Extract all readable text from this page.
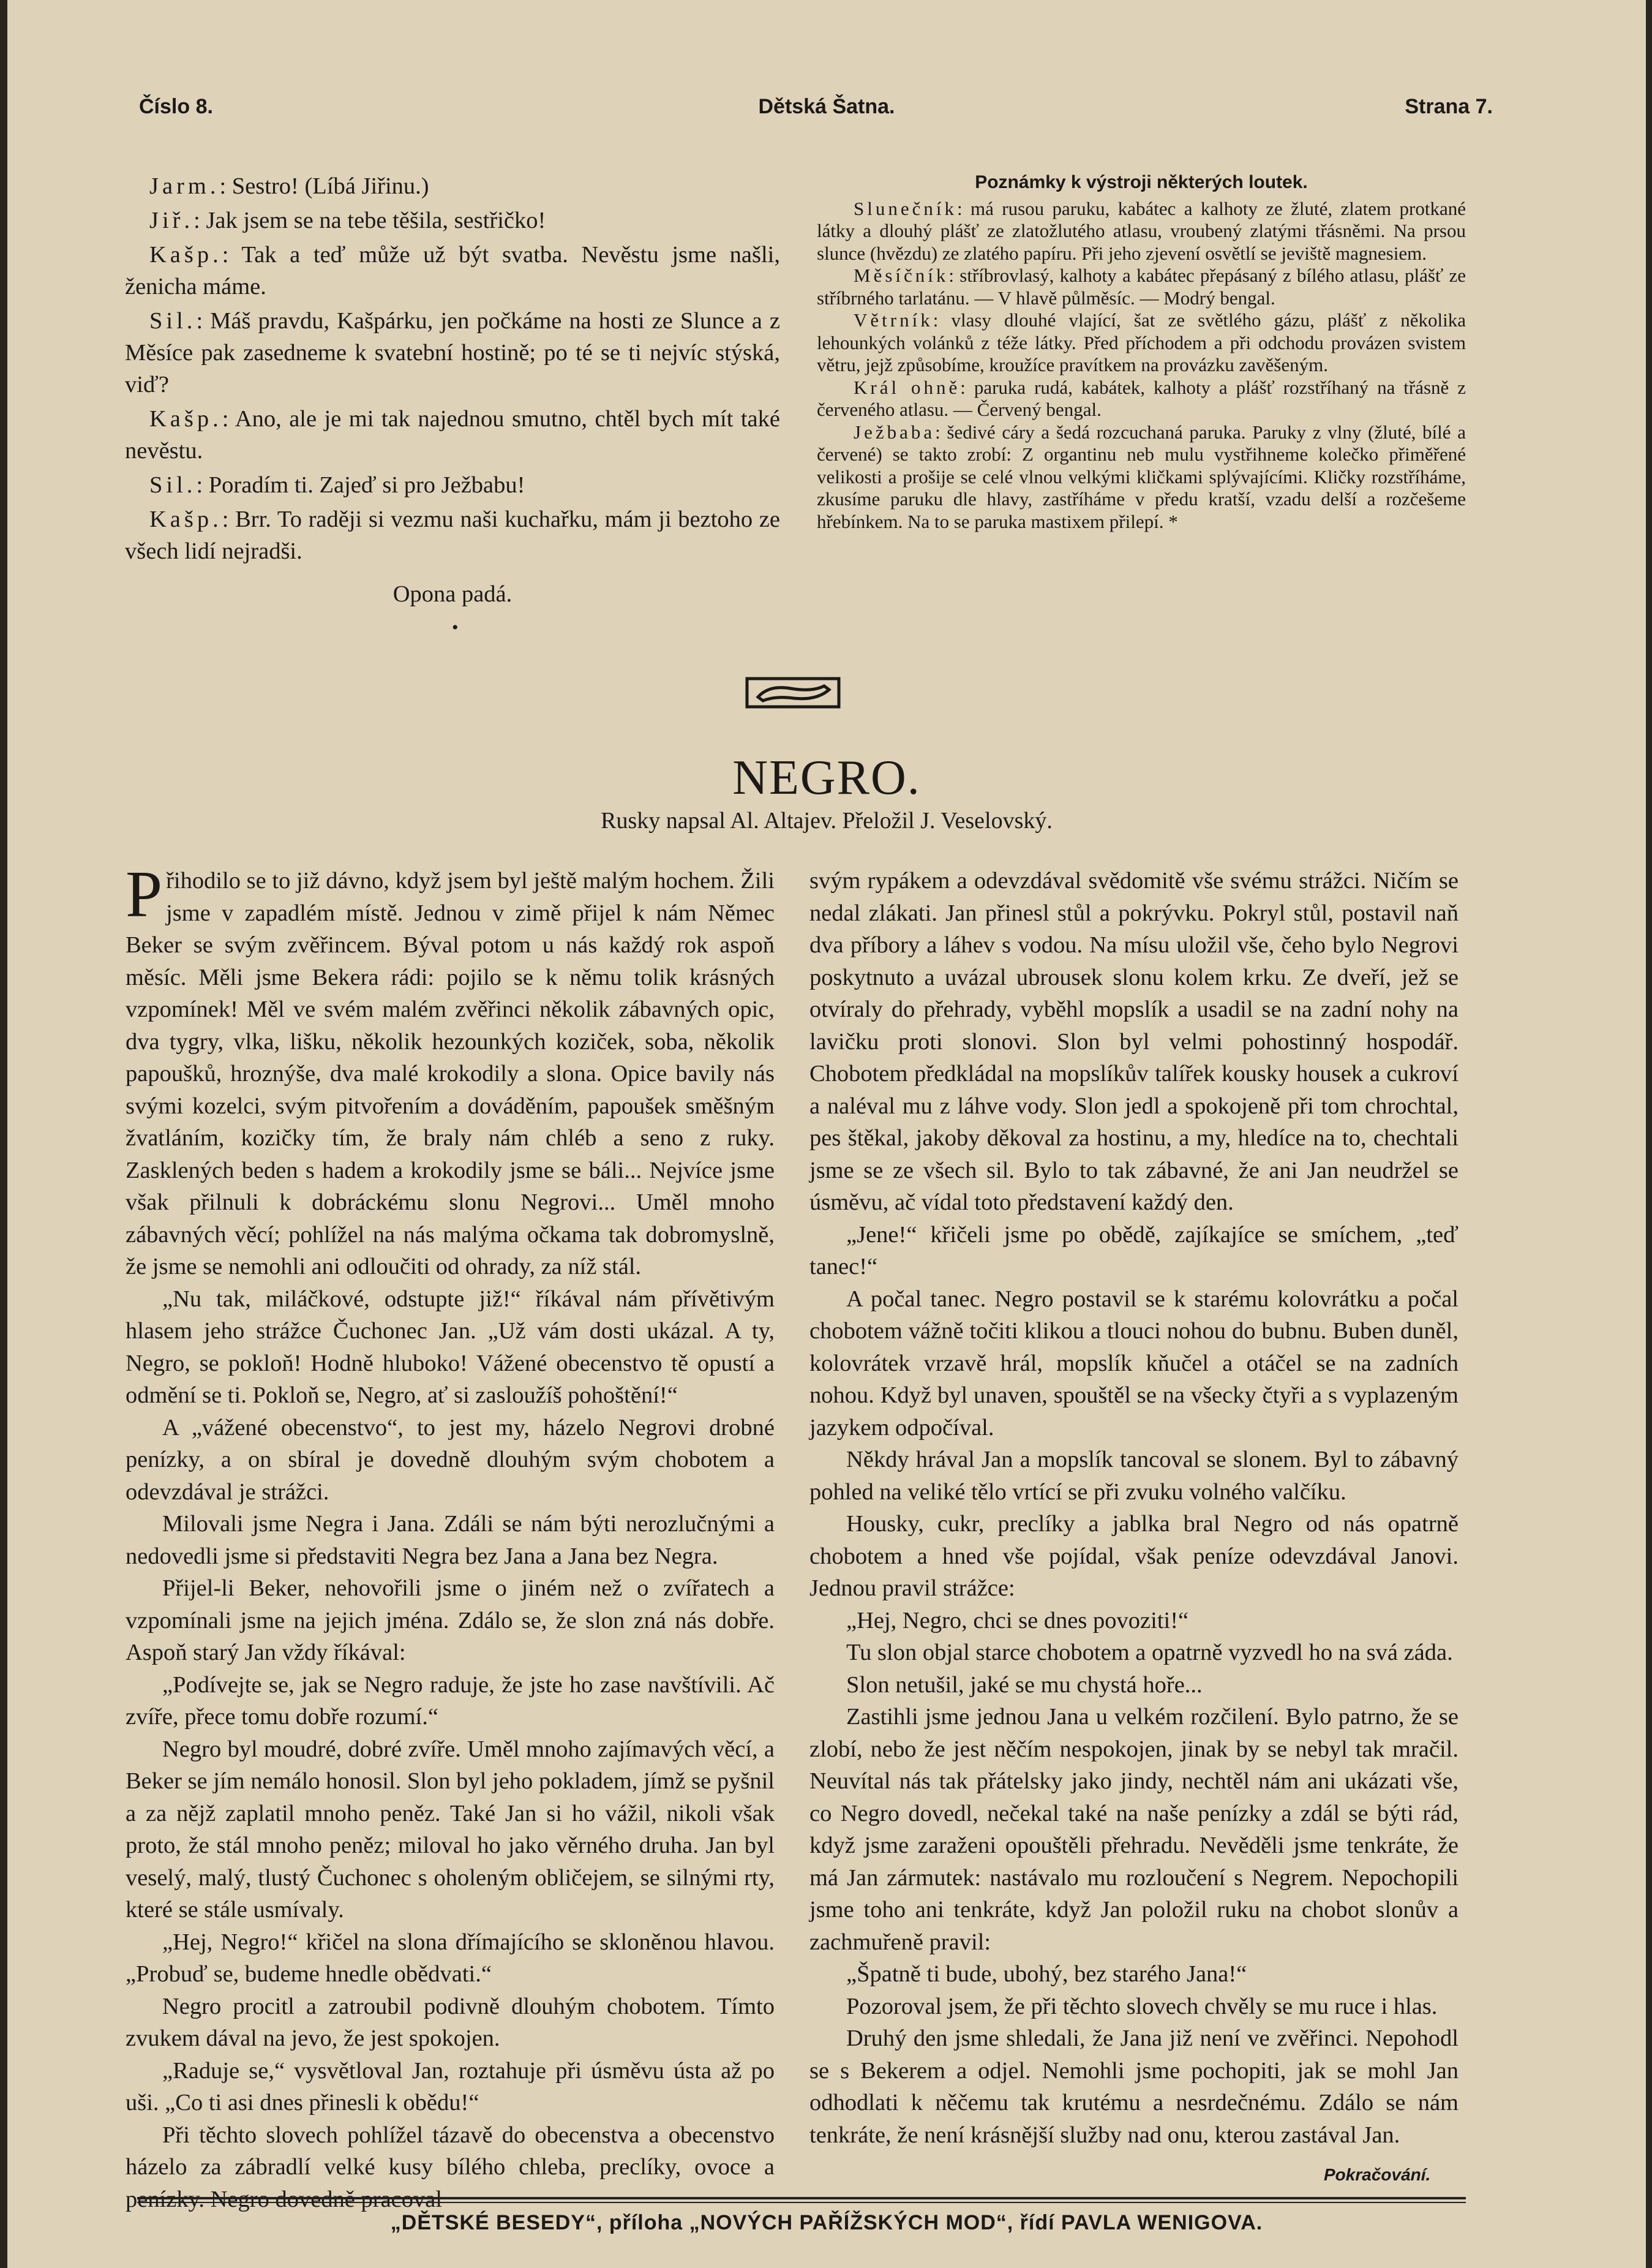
Číslo 8.	Dětská Šatna.	Strana 7.

Jarm.: Sestro! (Líbá Jiřinu.)

Jiř.: Jak jsem se na tebe těšila, sestřičko!

Kašp.: Tak a teď může už být svatba. Nevěstu jsme našli, ženicha máme.

Sil.: Máš pravdu, Kašpárku, jen počkáme na hosti ze Slunce a z Měsíce pak zasedneme k svatební hostině; po té se ti nejvíc stýská, viď?

Kašp.: Ano, ale je mi tak najednou smutno, chtěl bych mít také nevěstu.

Sil.: Poradím ti. Zajeď si pro Ježbabu!

Kašp.: Brr. To raději si vezmu naši kuchařku, mám ji beztoho ze všech lidí nejradši.

Opona padá.

•
Poznámky k výstroji některých loutek.

Slunečník: má rusou paruku, kabátec a kalhoty ze žluté, zlatem protkané látky a dlouhý plášť ze zlatožlutého atlasu, vroubený zlatými třásněmi. Na prsou slunce (hvězdu) ze zlatého papíru. Při jeho zjevení osvětlí se jeviště magnesiem.

Měsíčník: stříbrovlasý, kalhoty a kabátec přepásaný z bílého atlasu, plášť ze stříbrného tarlatánu. — V hlavě půlměsíc. — Modrý bengal.

Větrník: vlasy dlouhé vlající, šat ze světlého gázu, plášť z několika lehounkých volánků z téže látky. Před příchodem a při odchodu provázen svistem větru, jejž způsobíme, kroužíce pravítkem na provázku zavěšeným.

Král ohně: paruka rudá, kabátek, kalhoty a plášť rozstříhaný na třásně z červeného atlasu. — Červený bengal.

Ježbaba: šedivé cáry a šedá rozcuchaná paruka. Paruky z vlny (žluté, bílé a červené) se takto zrobí: Z organtinu neb mulu vystřihneme kolečko přiměřené velikosti a prošije se celé vlnou velkými kličkami splývajícími. Kličky rozstříháme, zkusíme paruku dle hlavy, zastříháme v předu kratší, vzadu delší a rozčešeme hřebínkem. Na to se paruka mastixem přilepí. *

NEGRO.
Rusky napsal Al. Altajev. Přeložil J. Veselovský.

Přihodilo se to již dávno, když jsem byl ještě malým hochem. Žili jsme v zapadlém místě. Jednou v zimě přijel k nám Němec Beker se svým zvěřincem. Býval potom u nás každý rok aspoň měsíc. Měli jsme Bekera rádi: pojilo se k němu tolik krásných vzpomínek! Měl ve svém malém zvěřinci několik zábavných opic, dva tygry, vlka, lišku, několik hezounkých koziček, soba, několik papoušků, hroznýše, dva malé krokodily a slona. Opice bavily nás svými kozelci, svým pitvořením a dováděním, papoušek směšným žvatláním, kozičky tím, že braly nám chléb a seno z ruky. Zasklených beden s hadem a krokodily jsme se báli... Nejvíce jsme však přilnuli k dobráckému slonu Negrovi... Uměl mnoho zábavných věcí; pohlížel na nás malýma očkama tak dobromyslně, že jsme se nemohli ani odloučiti od ohrady, za níž stál.

„Nu tak, miláčkové, odstupte již!“ říkával nám přívětivým hlasem jeho strážce Čuchonec Jan. „Už vám dosti ukázal. A ty, Negro, se pokloň! Hodně hluboko! Vážené obecenstvo tě opustí a odmění se ti. Pokloň se, Negro, ať si zasloužíš pohoštění!“

A „vážené obecenstvo“, to jest my, házelo Negrovi drobné penízky, a on sbíral je dovedně dlouhým svým chobotem a odevzdával je strážci.

Milovali jsme Negra i Jana. Zdáli se nám býti nerozlučnými a nedovedli jsme si představiti Negra bez Jana a Jana bez Negra.

Přijel-li Beker, nehovořili jsme o jiném než o zvířatech a vzpomínali jsme na jejich jména. Zdálo se, že slon zná nás dobře. Aspoň starý Jan vždy říkával:

„Podívejte se, jak se Negro raduje, že jste ho zase navštívili. Ač zvíře, přece tomu dobře rozumí.“

Negro byl moudré, dobré zvíře. Uměl mnoho zajímavých věcí, a Beker se jím nemálo honosil. Slon byl jeho pokladem, jímž se pyšnil a za nějž zaplatil mnoho peněz. Také Jan si ho vážil, nikoli však proto, že stál mnoho peněz; miloval ho jako věrného druha. Jan byl veselý, malý, tlustý Čuchonec s oholeným obličejem, se silnými rty, které se stále usmívaly.

„Hej, Negro!“ křičel na slona dřímajícího se skloněnou hlavou. „Probuď se, budeme hnedle obědvati.“

Negro procitl a zatroubil podivně dlouhým chobotem. Tímto zvukem dával na jevo, že jest spokojen.

„Raduje se,“ vysvětloval Jan, roztahuje při úsměvu ústa až po uši. „Co ti asi dnes přinesli k obědu!“

Při těchto slovech pohlížel tázavě do obecenstva a obecenstvo házelo za zábradlí velké kusy bílého chleba, preclíky, ovoce a penízky. Negro dovedně pracoval

svým rypákem a odevzdával svědomitě vše svému strážci. Ničím se nedal zlákati. Jan přinesl stůl a pokrývku. Pokryl stůl, postavil naň dva příbory a láhev s vodou. Na mísu uložil vše, čeho bylo Negrovi poskytnuto a uvázal ubrousek slonu kolem krku. Ze dveří, jež se otvíraly do přehrady, vyběhl mopslík a usadil se na zadní nohy na lavičku proti slonovi. Slon byl velmi pohostinný hospodář. Chobotem předkládal na mopslíkův talířek kousky housek a cukroví a naléval mu z láhve vody. Slon jedl a spokojeně při tom chrochtal, pes štěkal, jakoby děkoval za hostinu, a my, hledíce na to, chechtali jsme se ze všech sil. Bylo to tak zábavné, že ani Jan neudržel se úsměvu, ač vídal toto představení každý den.

„Jene!“ křičeli jsme po obědě, zajíkajíce se smíchem, „teď tanec!“

A počal tanec. Negro postavil se k starému kolovrátku a počal chobotem vážně točiti klikou a tlouci nohou do bubnu. Buben duněl, kolovrátek vrzavě hrál, mopslík kňučel a otáčel se na zadních nohou. Když byl unaven, spouštěl se na všecky čtyři a s vyplazeným jazykem odpočíval.

Někdy hrával Jan a mopslík tancoval se slonem. Byl to zábavný pohled na veliké tělo vrtící se při zvuku volného valčíku.

Housky, cukr, preclíky a jablka bral Negro od nás opatrně chobotem a hned vše pojídal, však peníze odevzdával Janovi. Jednou pravil strážce:

„Hej, Negro, chci se dnes povoziti!“

Tu slon objal starce chobotem a opatrně vyzvedl ho na svá záda.

Slon netušil, jaké se mu chystá hoře...

Zastihli jsme jednou Jana u velkém rozčilení. Bylo patrno, že se zlobí, nebo že jest něčím nespokojen, jinak by se nebyl tak mračil. Neuvítal nás tak přátelsky jako jindy, nechtěl nám ani ukázati vše, co Negro dovedl, nečekal také na naše penízky a zdál se býti rád, když jsme zaraženi opouštěli přehradu. Nevěděli jsme tenkráte, že má Jan zármutek: nastávalo mu rozloučení s Negrem. Nepochopili jsme toho ani tenkráte, když Jan položil ruku na chobot slonův a zachmuřeně pravil:

„Špatně ti bude, ubohý, bez starého Jana!“

Pozoroval jsem, že při těchto slovech chvěly se mu ruce i hlas.

Druhý den jsme shledali, že Jana již není ve zvěřinci. Nepohodl se s Bekerem a odjel. Nemohli jsme pochopiti, jak se mohl Jan odhodlati k něčemu tak krutému a nesrdečnému. Zdálo se nám tenkráte, že není krásnější služby nad onu, kterou zastával Jan.

Pokračování.
„DĚTSKÉ BESEDY“, příloha „NOVÝCH PAŘÍŽSKÝCH MOD“, řídí PAVLA WENIGOVA.
